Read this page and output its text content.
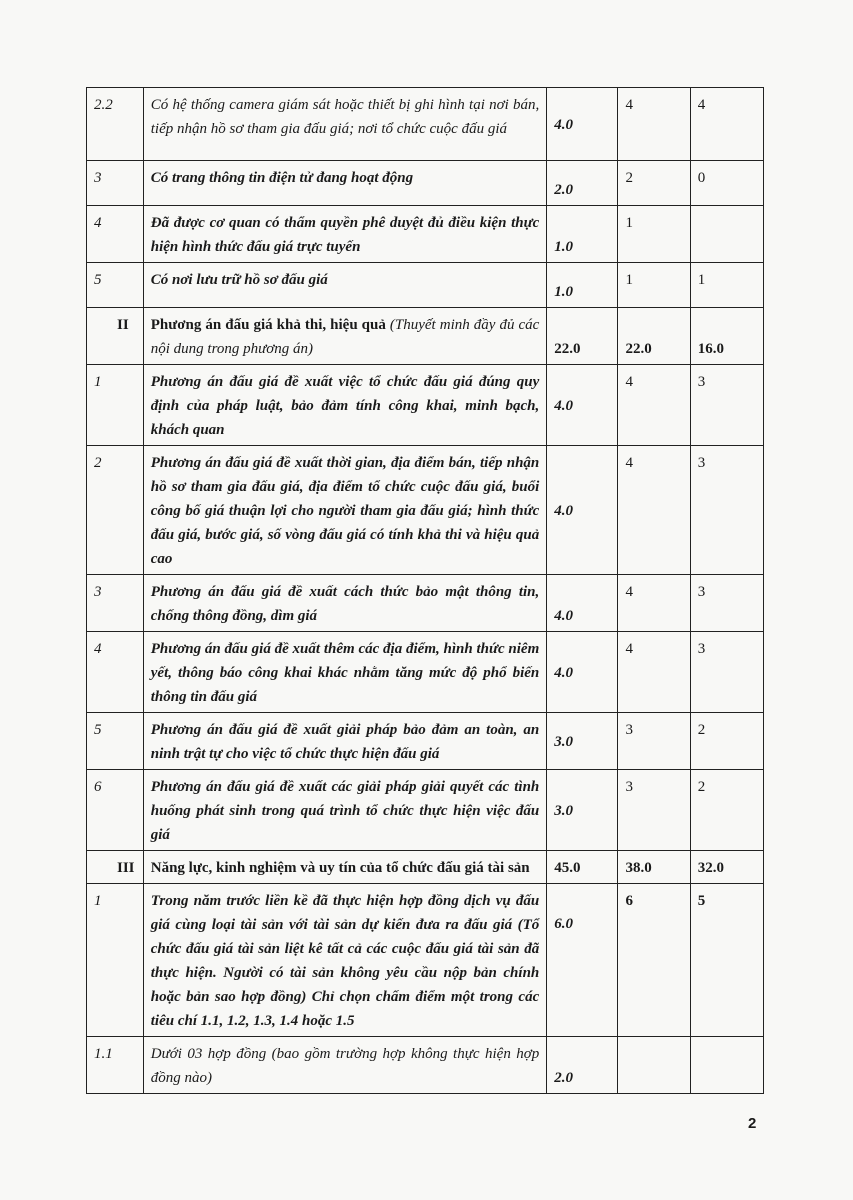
2.2	Có hệ thống camera giám sát hoặc thiết bị ghi hình tại nơi bán, tiếp nhận hồ sơ tham gia đấu giá; nơi tổ chức cuộc đấu giá	4.0	4	4
3	Có trang thông tin điện tử đang hoạt động	2.0	2	0
4	Đã được cơ quan có thẩm quyền phê duyệt đủ điều kiện thực hiện hình thức đấu giá trực tuyến	1.0	1	
5	Có nơi lưu trữ hồ sơ đấu giá	1.0	1	1
II	Phương án đấu giá khả thi, hiệu quả (Thuyết minh đầy đủ các nội dung trong phương án)	22.0	22.0	16.0
1	Phương án đấu giá đề xuất việc tổ chức đấu giá đúng quy định của pháp luật, bảo đảm tính công khai, minh bạch, khách quan	4.0	4	3
2	Phương án đấu giá đề xuất thời gian, địa điểm bán, tiếp nhận hồ sơ tham gia đấu giá, địa điểm tổ chức cuộc đấu giá, buổi công bố giá thuận lợi cho người tham gia đấu giá; hình thức đấu giá, bước giá, số vòng đấu giá có tính khả thi và hiệu quả cao	4.0	4	3
3	Phương án đấu giá đề xuất cách thức bảo mật thông tin, chống thông đồng, dìm giá	4.0	4	3
4	Phương án đấu giá đề xuất thêm các địa điểm, hình thức niêm yết, thông báo công khai khác nhằm tăng mức độ phổ biến thông tin đấu giá	4.0	4	3
5	Phương án đấu giá đề xuất giải pháp bảo đảm an toàn, an ninh trật tự cho việc tổ chức thực hiện đấu giá	3.0	3	2
6	Phương án đấu giá đề xuất các giải pháp giải quyết các tình huống phát sinh trong quá trình tổ chức thực hiện việc đấu giá	3.0	3	2
III	Năng lực, kinh nghiệm và uy tín của tổ chức đấu giá tài sản	45.0	38.0	32.0
1	Trong năm trước liền kề đã thực hiện hợp đồng dịch vụ đấu giá cùng loại tài sản với tài sản dự kiến đưa ra đấu giá (Tổ chức đấu giá tài sản liệt kê tất cả các cuộc đấu giá tài sản đã thực hiện. Người có tài sản không yêu cầu nộp bản chính hoặc bản sao hợp đồng) Chỉ chọn chấm điểm một trong các tiêu chí 1.1, 1.2, 1.3, 1.4 hoặc 1.5	6.0	6	5
1.1	Dưới 03 hợp đồng (bao gồm trường hợp không thực hiện hợp đồng nào)	2.0		
2
